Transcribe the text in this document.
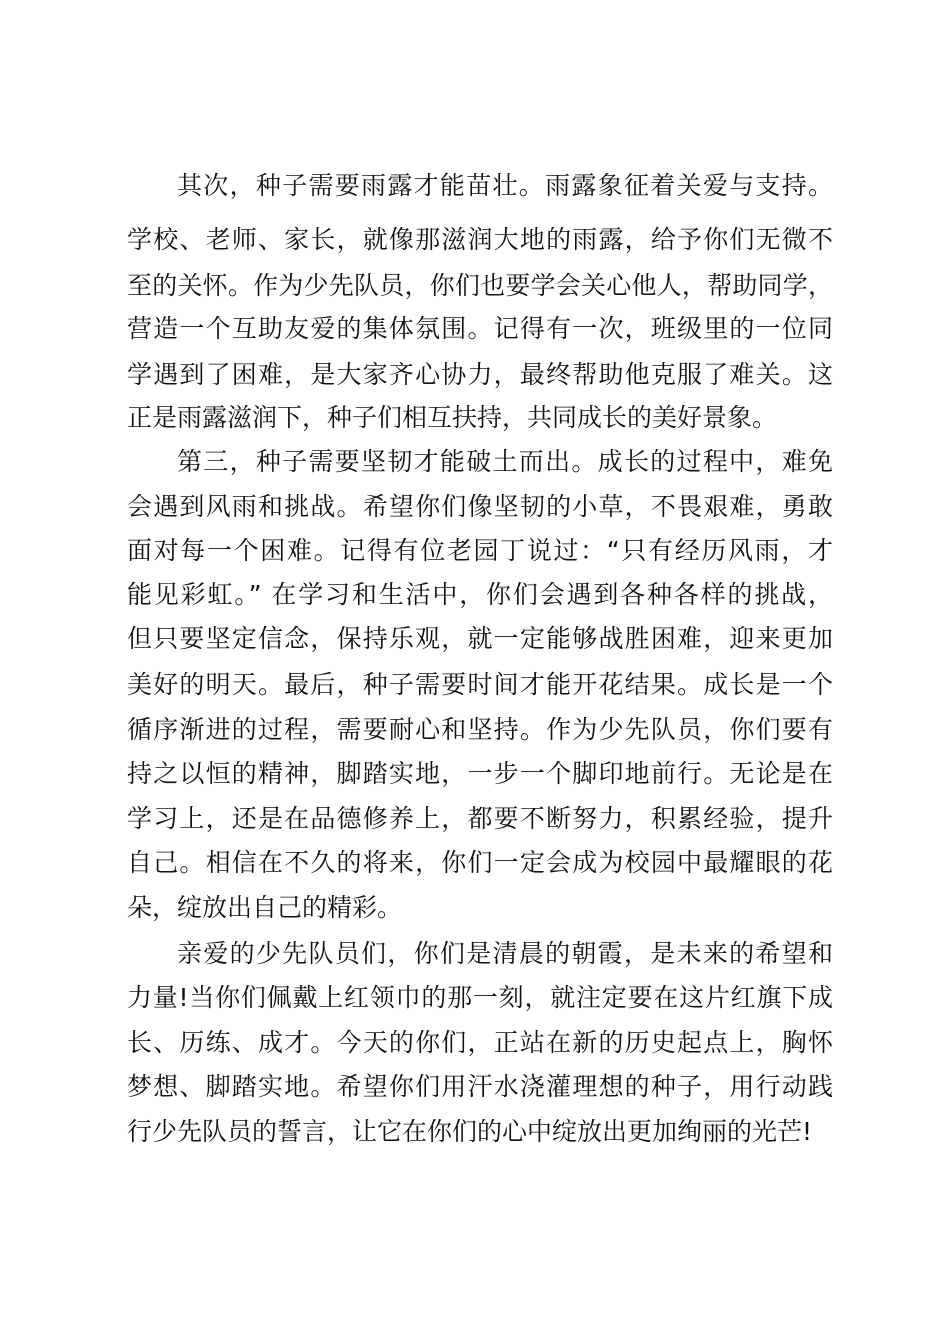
其次，种子需要雨露才能苗壮。雨露象征着关爱与支持。
学校、老师、家长，就像那滋润大地的雨露，给予你们无微不
至的关怀。作为少先队员，你们也要学会关心他人，帮助同学，
营造一个互助友爱的集体氛围。记得有一次，班级里的一位同
学遇到了困难，是大家齐心协力，最终帮助他克服了难关。这
正是雨露滋润下，种子们相互扶持，共同成长的美好景象。
第三，种子需要坚韧才能破土而出。成长的过程中，难免
会遇到风雨和挑战。希望你们像坚韧的小草，不畏艰难，勇敢
面对每一个困难。记得有位老园丁说过：“只有经历风雨，才
能见彩虹。” 在学习和生活中，你们会遇到各种各样的挑战，
但只要坚定信念，保持乐观，就一定能够战胜困难，迎来更加
美好的明天。最后，种子需要时间才能开花结果。成长是一个
循序渐进的过程，需要耐心和坚持。作为少先队员，你们要有
持之以恒的精神，脚踏实地，一步一个脚印地前行。无论是在
学习上，还是在品德修养上，都要不断努力，积累经验，提升
自己。相信在不久的将来，你们一定会成为校园中最耀眼的花
朵，绽放出自己的精彩。
亲爱的少先队员们，你们是清晨的朝霞，是未来的希望和
力量!当你们佩戴上红领巾的那一刻，就注定要在这片红旗下成
长、历练、成才。今天的你们，正站在新的历史起点上，胸怀
梦想、脚踏实地。希望你们用汗水浇灌理想的种子，用行动践
行少先队员的誓言，让它在你们的心中绽放出更加绚丽的光芒!
